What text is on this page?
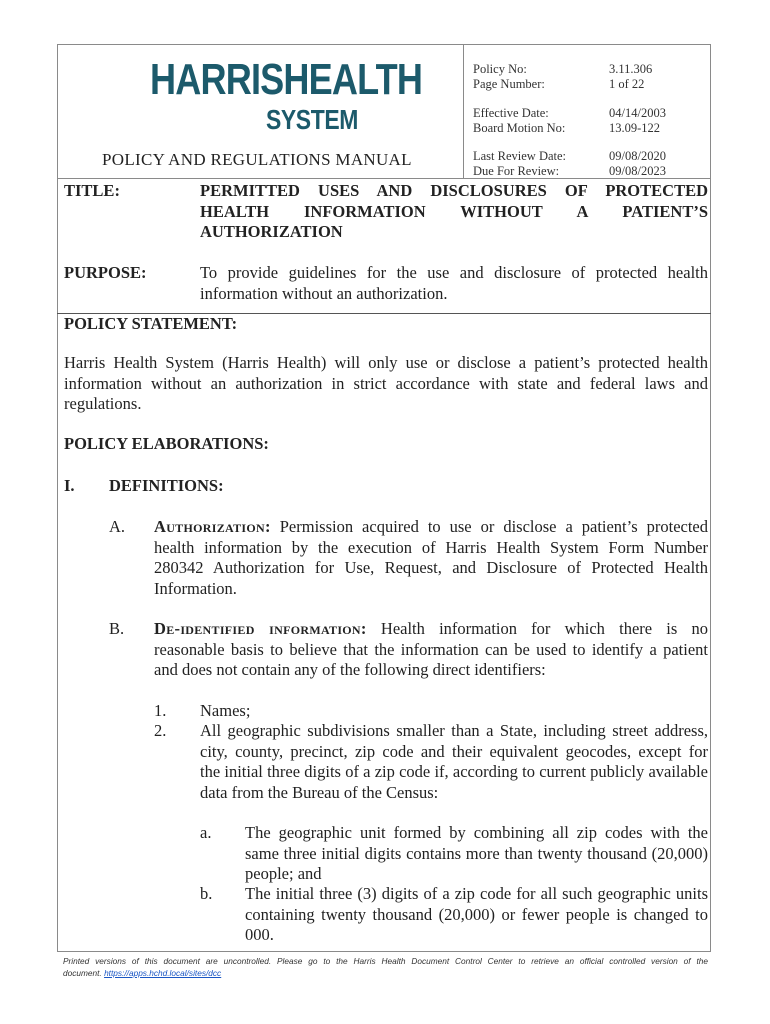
HARRISHEALTH
SYSTEM
POLICY AND REGULATIONS MANUAL
Policy No:	3.11.306
Page Number:	1 of 22
Effective Date:	04/14/2003
Board Motion No:	13.09-122
Last Review Date:	09/08/2020
Due For Review:	09/08/2023
TITLE:	PERMITTED USES AND DISCLOSURES OF PROTECTED
HEALTH INFORMATION WITHOUT A PATIENT’S
AUTHORIZATION
PURPOSE:	To provide guidelines for the use and disclosure of protected health
information without an authorization.
POLICY STATEMENT:
Harris Health System (Harris Health) will only use or disclose a patient’s protected health
information without an authorization in strict accordance with state and federal laws and
regulations.
POLICY ELABORATIONS:
I. DEFINITIONS:
A. Authorization: Permission acquired to use or disclose a patient’s protected
health information by the execution of Harris Health System Form Number
280342 Authorization for Use, Request, and Disclosure of Protected Health
Information.
B. De-identified information: Health information for which there is no
reasonable basis to believe that the information can be used to identify a patient
and does not contain any of the following direct identifiers:
1. Names;
2. All geographic subdivisions smaller than a State, including street address,
city, county, precinct, zip code and their equivalent geocodes, except for
the initial three digits of a zip code if, according to current publicly available
data from the Bureau of the Census:
a. The geographic unit formed by combining all zip codes with the
same three initial digits contains more than twenty thousand (20,000)
people; and
b. The initial three (3) digits of a zip code for all such geographic units
containing twenty thousand (20,000) or fewer people is changed to
000.
Printed versions of this document are uncontrolled. Please go to the Harris Health Document Control Center to retrieve an official controlled version of the
document. https://apps.hchd.local/sites/dcc
